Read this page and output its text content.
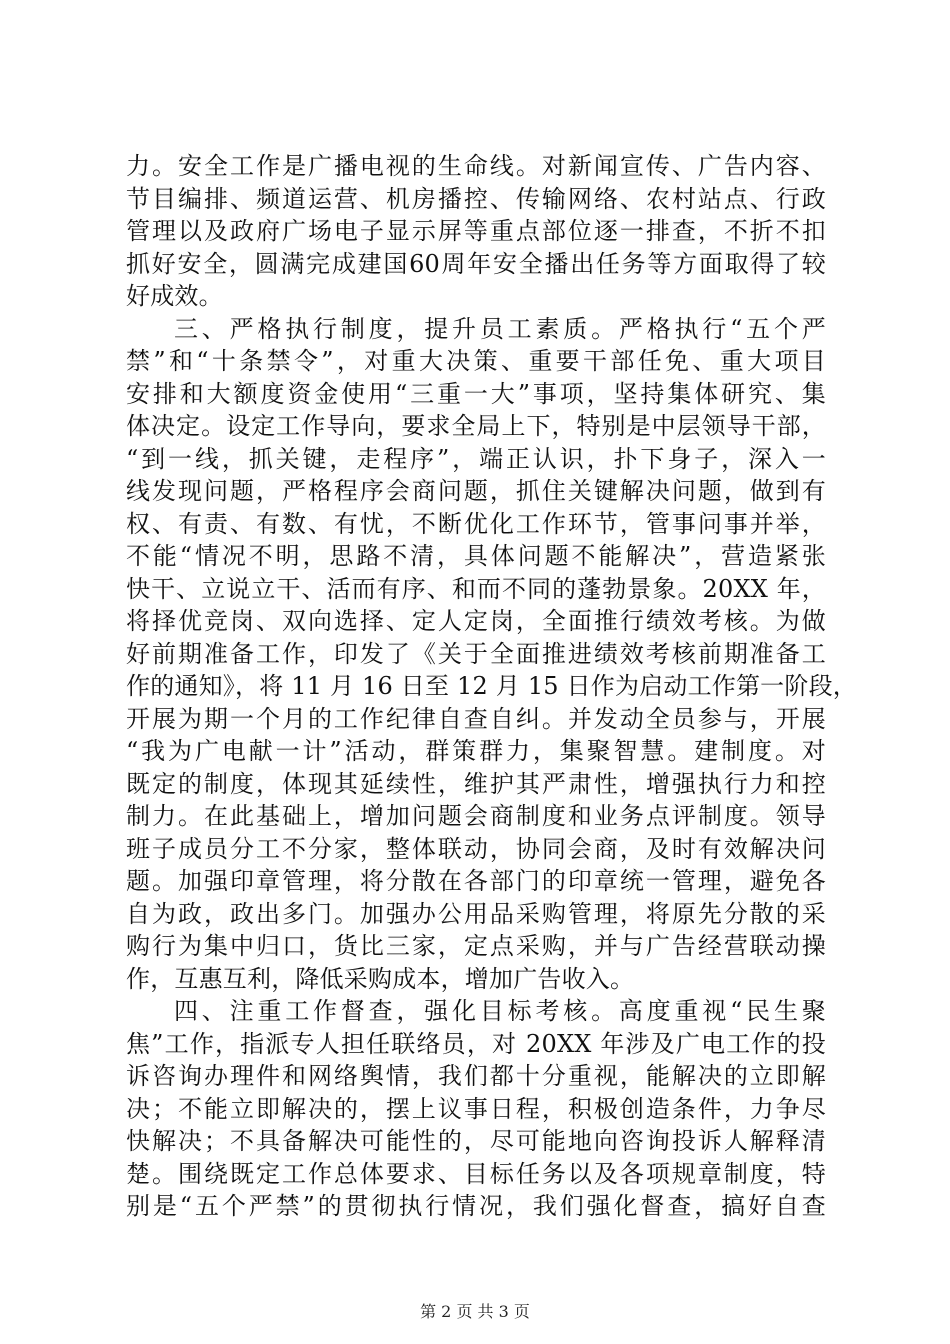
力。安全工作是广播电视的生命线。对新闻宣传、广告内容、
节目编排、频道运营、机房播控、传输网络、农村站点、行政
管理以及政府广场电子显示屏等重点部位逐一排查，不折不扣
抓好安全，圆满完成建国60周年安全播出任务等方面取得了较
好成效。
三、严格执行制度，提升员工素质。严格执行“五个严
禁”和“十条禁令”，对重大决策、重要干部任免、重大项目
安排和大额度资金使用“三重一大”事项，坚持集体研究、集
体决定。设定工作导向，要求全局上下，特别是中层领导干部，
“到一线，抓关键，走程序”，端正认识，扑下身子，深入一
线发现问题，严格程序会商问题，抓住关键解决问题，做到有
权、有责、有数、有忧，不断优化工作环节，管事问事并举，
不能“情况不明，思路不清，具体问题不能解决”，营造紧张
快干、立说立干、活而有序、和而不同的蓬勃景象。20XX 年，
将择优竞岗、双向选择、定人定岗，全面推行绩效考核。为做
好前期准备工作，印发了《关于全面推进绩效考核前期准备工
作的通知》，将 11 月 16 日至 12 月 15 日作为启动工作第一阶段，
开展为期一个月的工作纪律自查自纠。并发动全员参与，开展
“我为广电献一计”活动，群策群力，集聚智慧。建制度。对
既定的制度，体现其延续性，维护其严肃性，增强执行力和控
制力。在此基础上，增加问题会商制度和业务点评制度。领导
班子成员分工不分家，整体联动，协同会商，及时有效解决问
题。加强印章管理，将分散在各部门的印章统一管理，避免各
自为政，政出多门。加强办公用品采购管理，将原先分散的采
购行为集中归口，货比三家，定点采购，并与广告经营联动操
作，互惠互利，降低采购成本，增加广告收入。
四、注重工作督查，强化目标考核。高度重视“民生聚
焦”工作，指派专人担任联络员，对 20XX 年涉及广电工作的投
诉咨询办理件和网络舆情，我们都十分重视，能解决的立即解
决；不能立即解决的，摆上议事日程，积极创造条件，力争尽
快解决；不具备解决可能性的，尽可能地向咨询投诉人解释清
楚。围绕既定工作总体要求、目标任务以及各项规章制度，特
别是“五个严禁”的贯彻执行情况，我们强化督查，搞好自查
第 2 页 共 3 页
